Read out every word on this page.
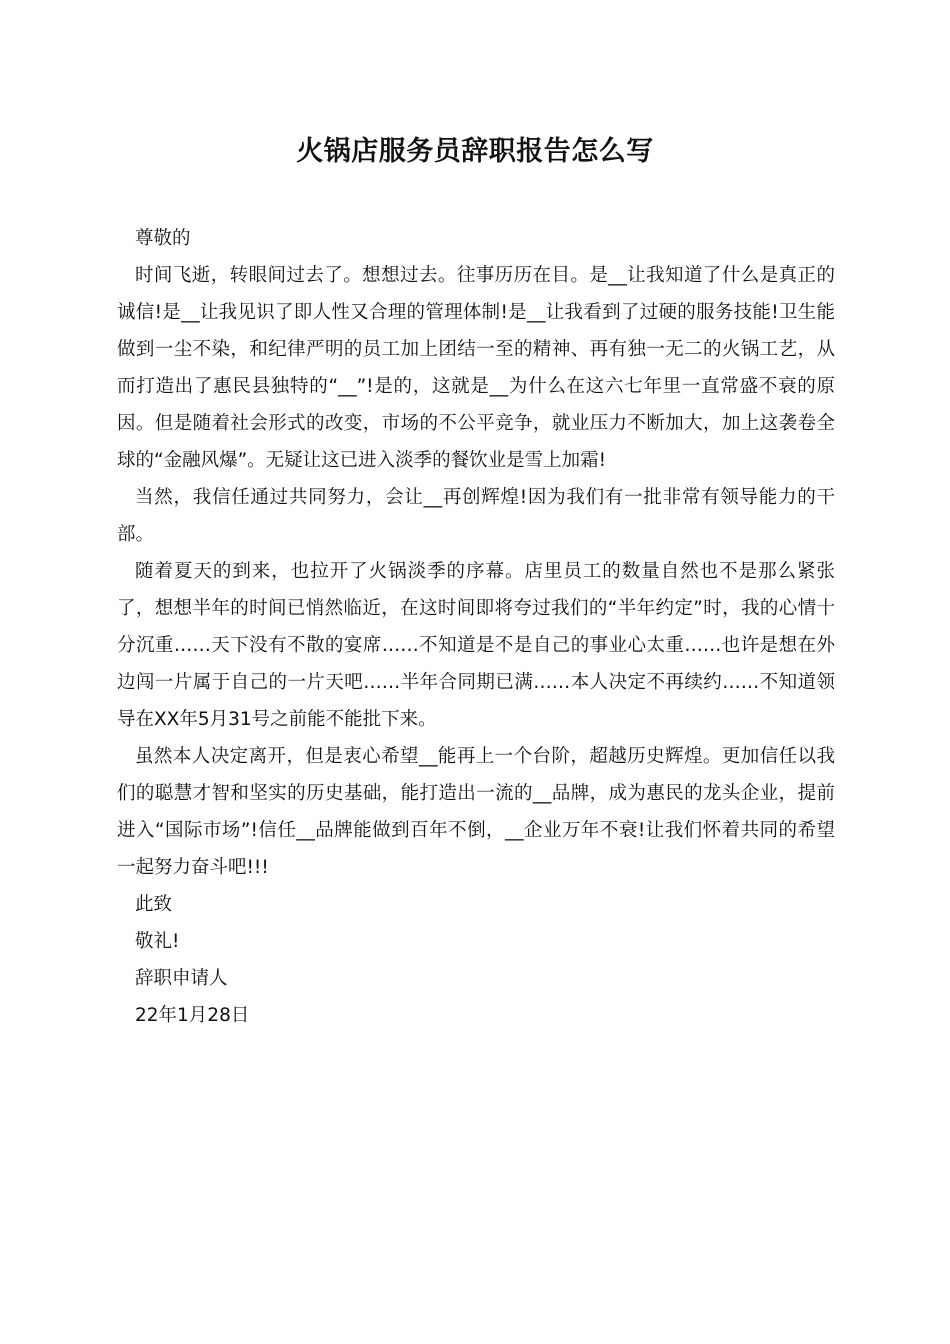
火锅店服务员辞职报告怎么写

尊敬的

时间飞逝，转眼间过去了。想想过去。往事历历在目。是__让我知道了什么是真正的诚信!是__让我见识了即人性又合理的管理体制!是__让我看到了过硬的服务技能!卫生能做到一尘不染，和纪律严明的员工加上团结一至的精神、再有独一无二的火锅工艺，从而打造出了惠民县独特的“__”!是的，这就是__为什么在这六七年里一直常盛不衰的原因。但是随着社会形式的改变，市场的不公平竞争，就业压力不断加大，加上这袭卷全球的“金融风爆”。无疑让这已进入淡季的餐饮业是雪上加霜!

当然，我信任通过共同努力，会让__再创辉煌!因为我们有一批非常有领导能力的干部。

随着夏天的到来，也拉开了火锅淡季的序幕。店里员工的数量自然也不是那么紧张了，想想半年的时间已悄然临近，在这时间即将夸过我们的“半年约定”时，我的心情十分沉重……天下没有不散的宴席……不知道是不是自己的事业心太重……也许是想在外边闯一片属于自己的一片天吧……半年合同期已满……本人决定不再续约……不知道领导在XX年5月31号之前能不能批下来。

虽然本人决定离开，但是衷心希望__能再上一个台阶，超越历史辉煌。更加信任以我们的聪慧才智和坚实的历史基础，能打造出一流的__品牌，成为惠民的龙头企业，提前进入“国际市场”!信任__品牌能做到百年不倒，__企业万年不衰!让我们怀着共同的希望一起努力奋斗吧!!!

此致

敬礼!

辞职申请人

22年1月28日
